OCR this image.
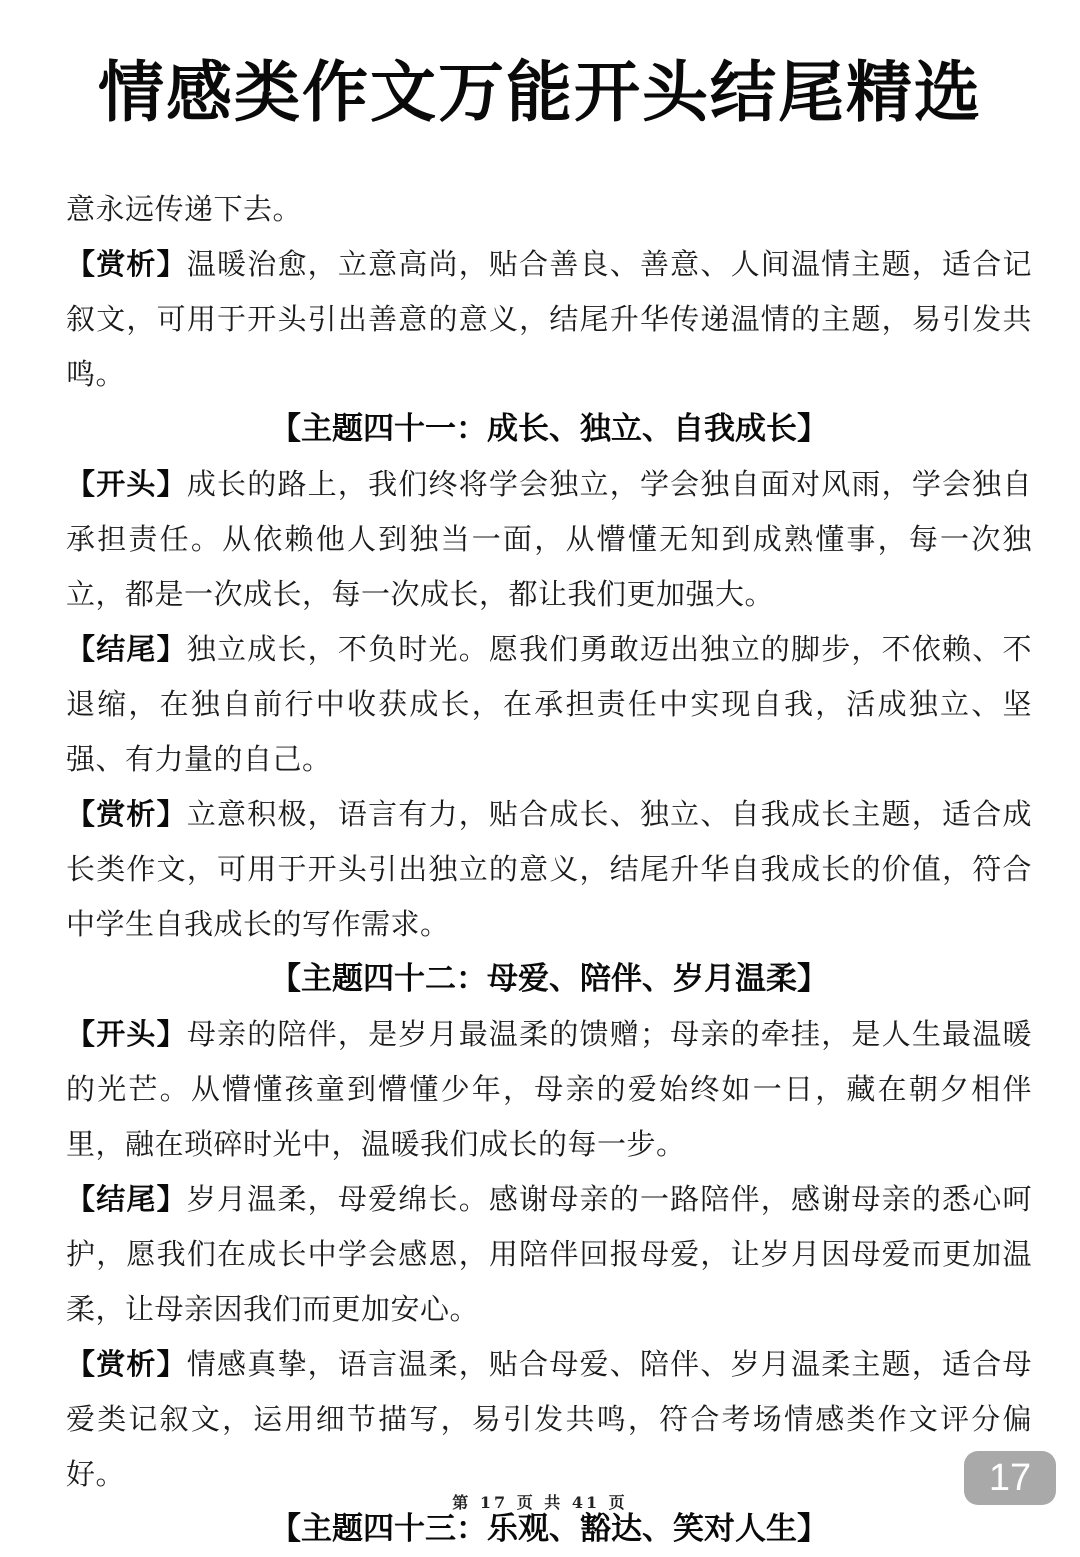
情感类作文万能开头结尾精选

意永远传递下去。

【赏析】温暖治愈，立意高尚，贴合善良、善意、人间温情主题，适合记叙文，可用于开头引出善意的意义，结尾升华传递温情的主题，易引发共鸣。

【主题四十一：成长、独立、自我成长】

【开头】成长的路上，我们终将学会独立，学会独自面对风雨，学会独自承担责任。从依赖他人到独当一面，从懵懂无知到成熟懂事，每一次独立，都是一次成长，每一次成长，都让我们更加强大。

【结尾】独立成长，不负时光。愿我们勇敢迈出独立的脚步，不依赖、不退缩，在独自前行中收获成长，在承担责任中实现自我，活成独立、坚强、有力量的自己。

【赏析】立意积极，语言有力，贴合成长、独立、自我成长主题，适合成长类作文，可用于开头引出独立的意义，结尾升华自我成长的价值，符合中学生自我成长的写作需求。

【主题四十二：母爱、陪伴、岁月温柔】

【开头】母亲的陪伴，是岁月最温柔的馈赠；母亲的牵挂，是人生最温暖的光芒。从懵懂孩童到懵懂少年，母亲的爱始终如一日，藏在朝夕相伴里，融在琐碎时光中，温暖我们成长的每一步。

【结尾】岁月温柔，母爱绵长。感谢母亲的一路陪伴，感谢母亲的悉心呵护，愿我们在成长中学会感恩，用陪伴回报母爱，让岁月因母爱而更加温柔，让母亲因我们而更加安心。

【赏析】情感真挚，语言温柔，贴合母爱、陪伴、岁月温柔主题，适合母爱类记叙文，运用细节描写，易引发共鸣，符合考场情感类作文评分偏好。

【主题四十三：乐观、豁达、笑对人生】

17
第 17 页 共 41 页
